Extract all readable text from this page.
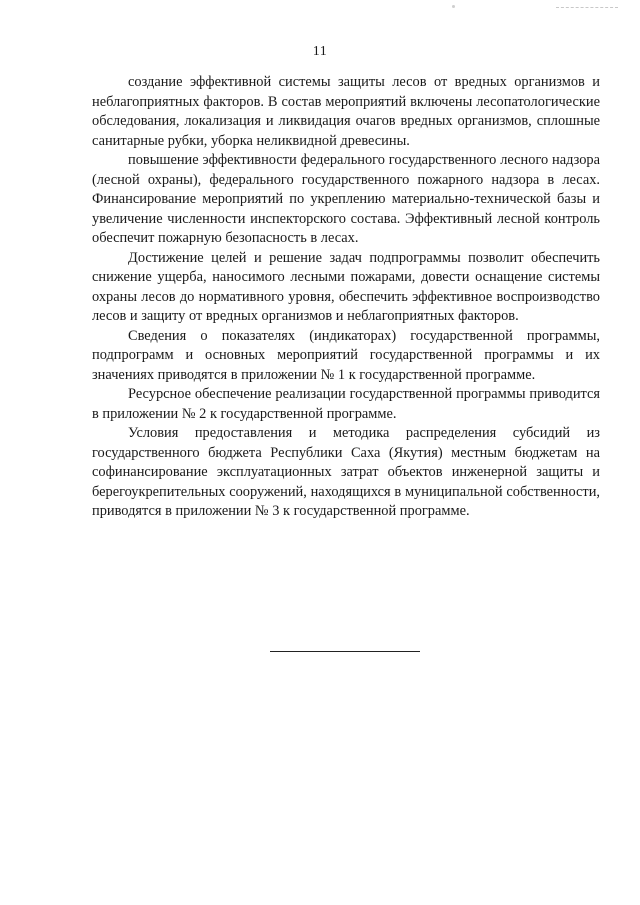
11

создание эффективной системы защиты лесов от вредных организмов и неблагоприятных факторов. В состав мероприятий включены лесопатологические обследования, локализация и ликвидация очагов вредных организмов, сплошные санитарные рубки, уборка неликвидной древесины.

повышение эффективности федерального государственного лесного надзора (лесной охраны), федерального государственного пожарного надзора в лесах. Финансирование мероприятий по укреплению материально-технической базы и увеличение численности инспекторского состава. Эффективный лесной контроль обеспечит пожарную безопасность в лесах.

Достижение целей и решение задач подпрограммы позволит обеспечить снижение ущерба, наносимого лесными пожарами, довести оснащение системы охраны лесов до нормативного уровня, обеспечить эффективное воспроизводство лесов и защиту от вредных организмов и неблагоприятных факторов.

Сведения о показателях (индикаторах) государственной программы, подпрограмм и основных мероприятий государственной программы и их значениях приводятся в приложении № 1 к государственной программе.

Ресурсное обеспечение реализации государственной программы приводится в приложении № 2 к государственной программе.

Условия предоставления и методика распределения субсидий из государственного бюджета Республики Саха (Якутия) местным бюджетам на софинансирование эксплуатационных затрат объектов инженерной защиты и берегоукрепительных сооружений, находящихся в муниципальной собственности, приводятся в приложении № 3 к государственной программе.
